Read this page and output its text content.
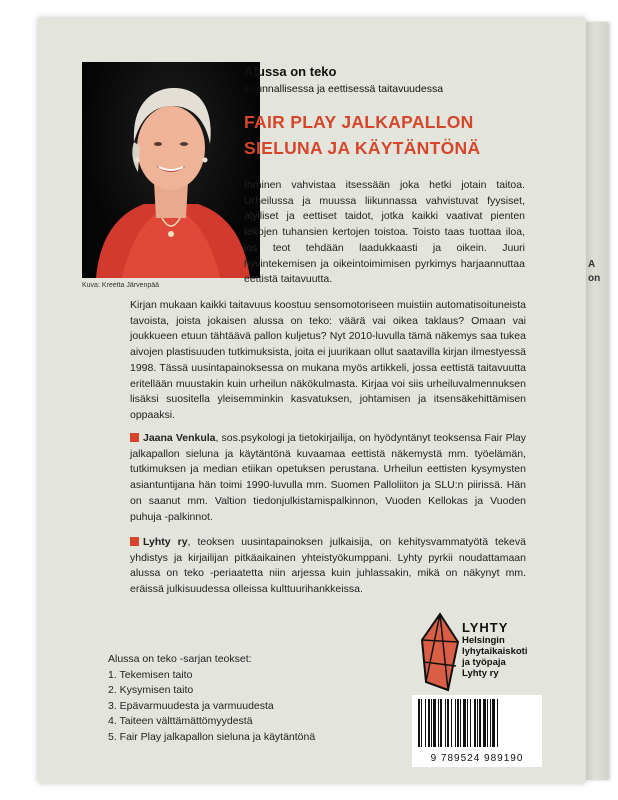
Kuva: Kreetta Järvenpää
A
on
Alussa on teko
liikunnallisessa ja eettisessä taitavuudessa
FAIR PLAY JALKAPALLON
SIELUNA JA KÄYTÄNTÖNÄ
Ihminen vahvistaa itsessään joka hetki jotain taitoa. Urheilussa ja muussa liikunnassa vahvistuvat fyysiset, älylliset ja eettiset taidot, jotka kaikki vaativat pienten tekojen tuhansien kertojen toistoa. Toisto taas tuottaa iloa, jos teot tehdään laadukkaasti ja oikein. Juuri hyvintekemisen ja oikeintoimimisen pyrkimys harjaannuttaa eettistä taitavuutta.
Kirjan mukaan kaikki taitavuus koostuu sensomotoriseen muistiin automatisoituneista tavoista, joista jokaisen alussa on teko: väärä vai oikea taklaus? Omaan vai joukkueen etuun tähtäävä pallon kuljetus? Nyt 2010-luvulla tämä näkemys saa tukea aivojen plastisuuden tutkimuksista, joita ei juurikaan ollut saatavilla kirjan ilmestyessä 1998. Tässä uusintapainoksessa on mukana myös artikkeli, jossa eettistä taitavuutta eritellään muustakin kuin urheilun näkökulmasta. Kirjaa voi siis urheiluvalmennuksen lisäksi suositella yleisemminkin kasvatuksen, johtamisen ja itsensäkehittämisen oppaaksi.
Jaana Venkula, sos.psykologi ja tietokirjailija, on hyödyntänyt teoksensa Fair Play jalkapallon sieluna ja käytäntönä kuvaamaa eettistä näkemystä mm. työelämän, tutkimuksen ja median etiikan opetuksen perustana. Urheilun eettisten kysymysten asiantuntijana hän toimi 1990-luvulla mm. Suomen Palloliiton ja SLU:n piirissä. Hän on saanut mm. Valtion tiedonjulkistamispalkinnon, Vuoden Kellokas ja Vuoden puhuja -palkinnot.
Lyhty ry, teoksen uusintapainoksen julkaisija, on kehitysvammatyötä tekevä yhdistys ja kirjailijan pitkäaikainen yhteistyökumppani. Lyhty pyrkii noudattamaan alussa on teko -periaatetta niin arjessa kuin juhlassakin, mikä on näkynyt mm. eräissä julkisuudessa olleissa kulttuurihankkeissa.
Alussa on teko -sarjan teokset:
1. Tekemisen taito
2. Kysymisen taito
3. Epävarmuudesta ja varmuudesta
4. Taiteen välttämättömyydestä
5. Fair Play jalkapallon sieluna ja käytäntönä
LYHTY
Helsingin
lyhytaikaiskoti
ja työpaja
Lyhty ry
9 789524 989190
